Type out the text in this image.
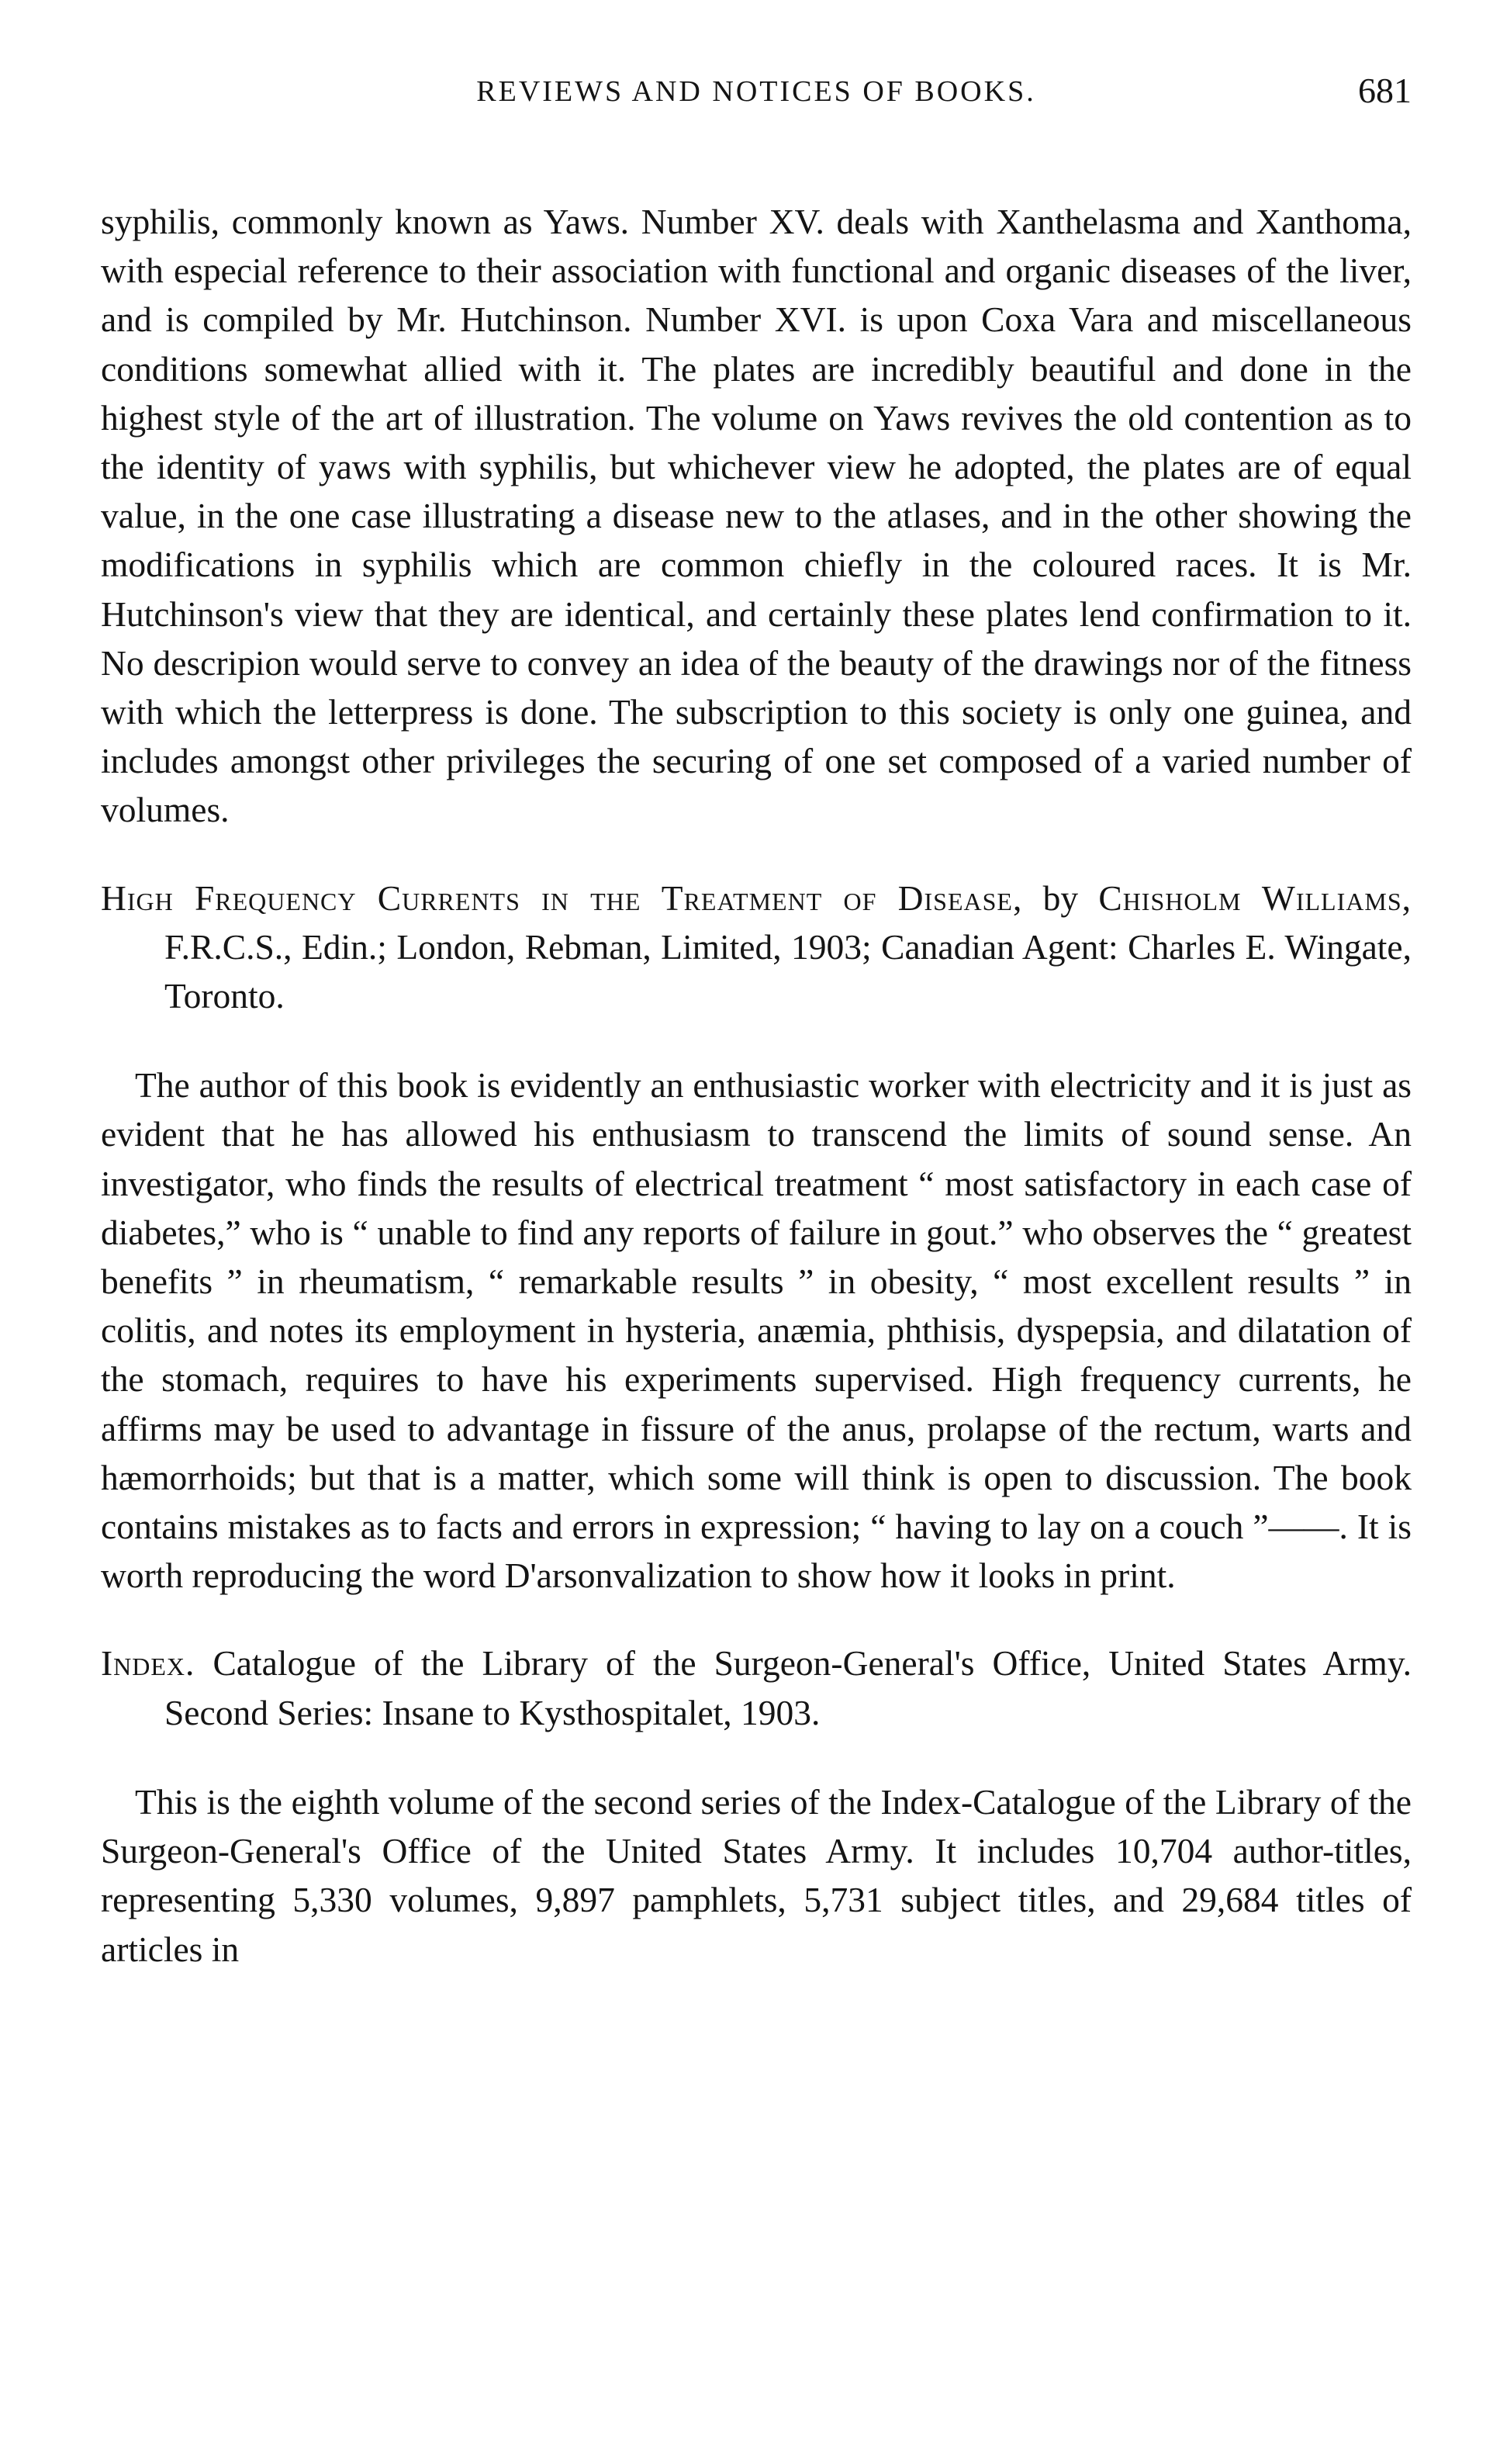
REVIEWS AND NOTICES OF BOOKS.	681

syphilis, commonly known as Yaws. Number XV. deals with Xanthelasma and Xanthoma, with especial reference to their association with functional and organic diseases of the liver, and is compiled by Mr. Hutchinson. Number XVI. is upon Coxa Vara and miscellaneous conditions somewhat allied with it. The plates are incredibly beautiful and done in the highest style of the art of illustration. The volume on Yaws revives the old contention as to the identity of yaws with syphilis, but whichever view he adopted, the plates are of equal value, in the one case illustrating a disease new to the atlases, and in the other showing the modifications in syphilis which are common chiefly in the coloured races. It is Mr. Hutchinson's view that they are identical, and certainly these plates lend confirmation to it. No descripion would serve to convey an idea of the beauty of the drawings nor of the fitness with which the letterpress is done. The subscription to this society is only one guinea, and includes amongst other privileges the securing of one set composed of a varied number of volumes.

High Frequency Currents in the Treatment of Disease, by Chisholm Williams, F.R.C.S., Edin.; London, Rebman, Limited, 1903; Canadian Agent: Charles E. Wingate, Toronto.

The author of this book is evidently an enthusiastic worker with electricity and it is just as evident that he has allowed his enthusiasm to transcend the limits of sound sense. An investigator, who finds the results of electrical treatment “ most satisfactory in each case of diabetes,” who is “ unable to find any reports of failure in gout.” who observes the “ greatest benefits ” in rheumatism, “ remarkable results ” in obesity, “ most excellent results ” in colitis, and notes its employment in hysteria, anæmia, phthisis, dyspepsia, and dilatation of the stomach, requires to have his experiments supervised. High frequency currents, he affirms may be used to advantage in fissure of the anus, prolapse of the rectum, warts and hæmorrhoids; but that is a matter, which some will think is open to discussion. The book contains mistakes as to facts and errors in expression; “ having to lay on a couch ”——. It is worth reproducing the word D'arsonvalization to show how it looks in print.

Index. Catalogue of the Library of the Surgeon-General's Office, United States Army. Second Series: Insane to Kysthospitalet, 1903.

This is the eighth volume of the second series of the Index-Catalogue of the Library of the Surgeon-General's Office of the United States Army. It includes 10,704 author-titles, representing 5,330 volumes, 9,897 pamphlets, 5,731 subject titles, and 29,684 titles of articles in
